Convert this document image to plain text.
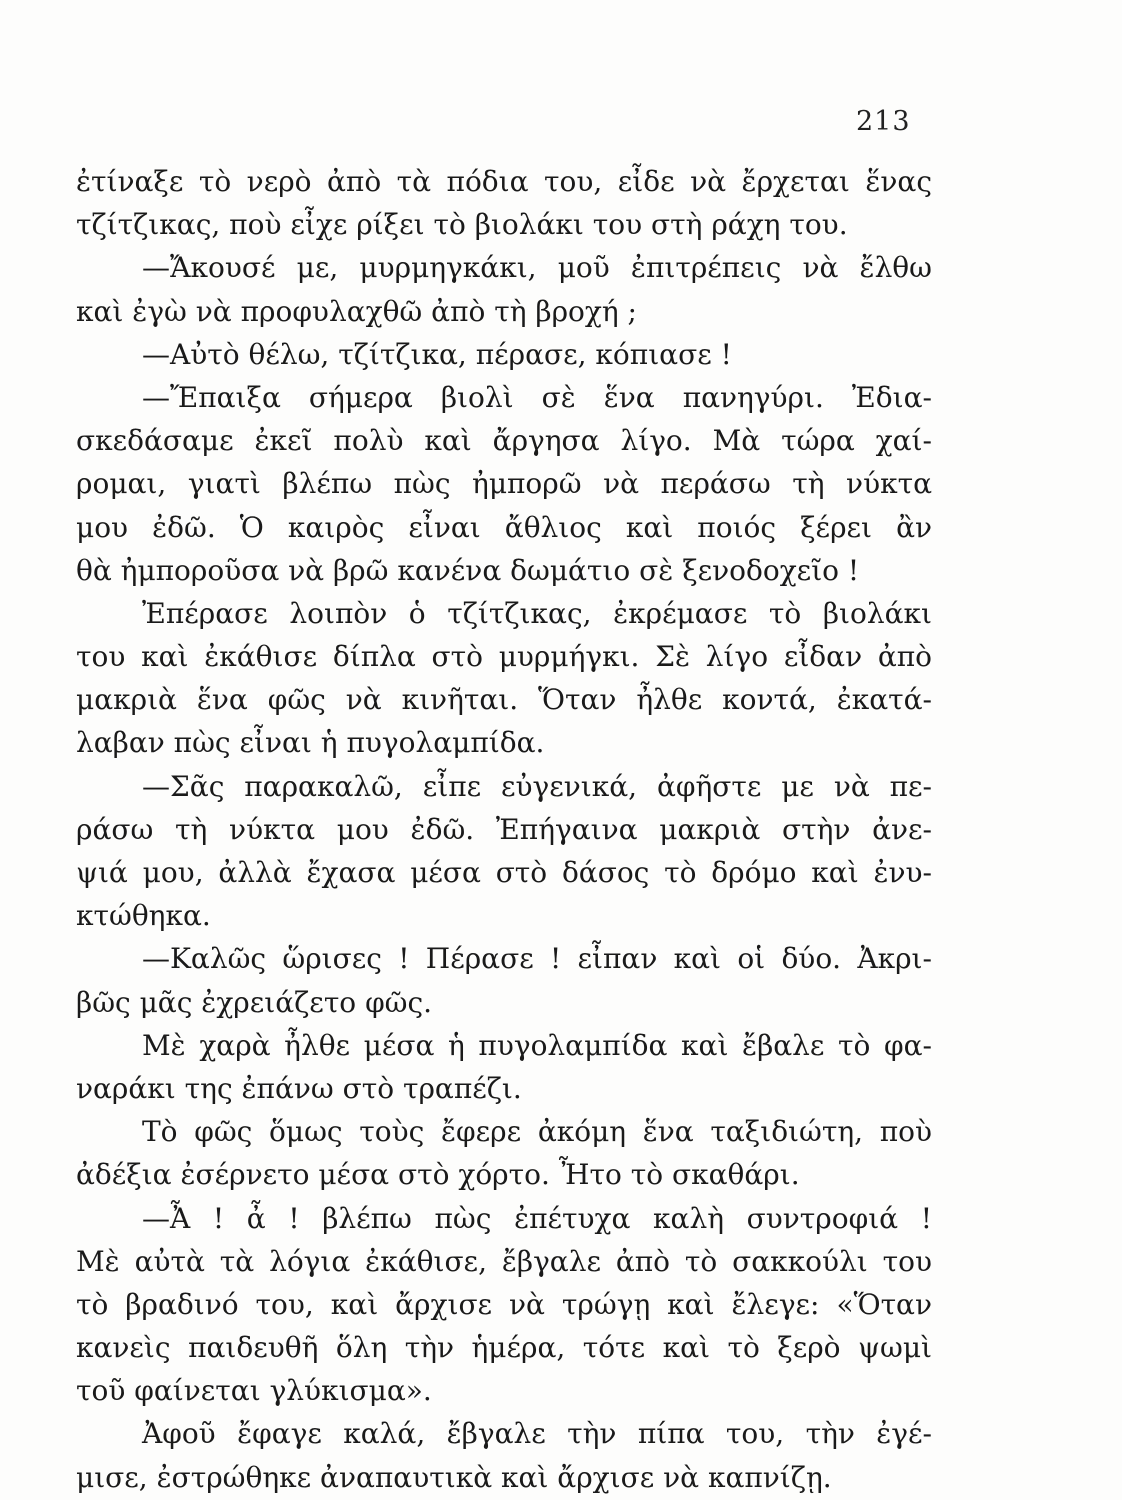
213
ἐτίναξε τὸ νερὸ ἀπὸ τὰ πόδια του, εἶδε νὰ ἔρχεται ἕνας
τζίτζικας, ποὺ εἶχε ρίξει τὸ βιολάκι του στὴ ράχη του.
—Ἄκουσέ με, μυρμηγκάκι, μοῦ ἐπιτρέπεις νὰ ἔλθω
καὶ ἐγὼ νὰ προφυλαχθῶ ἀπὸ τὴ βροχή ;
—Αὐτὸ θέλω, τζίτζικα, πέρασε, κόπιασε !
—Ἔπαιξα σήμερα βιολὶ σὲ ἕνα πανηγύρι. Ἐδια-
σκεδάσαμε ἐκεῖ πολὺ καὶ ἄργησα λίγο. Μὰ τώρα χαί-
ρομαι, γιατὶ βλέπω πὼς ἠμπορῶ νὰ περάσω τὴ νύκτα
μου ἐδῶ. Ὁ καιρὸς εἶναι ἄθλιος καὶ ποιός ξέρει ἂν
θὰ ἠμποροῦσα νὰ βρῶ κανένα δωμάτιο σὲ ξενοδοχεῖο !
Ἐπέρασε λοιπὸν ὁ τζίτζικας, ἐκρέμασε τὸ βιολάκι
του καὶ ἐκάθισε δίπλα στὸ μυρμήγκι. Σὲ λίγο εἶδαν ἀπὸ
μακριὰ ἕνα φῶς νὰ κινῆται. Ὅταν ἦλθε κοντά, ἐκατά-
λαβαν πὼς εἶναι ἡ πυγολαμπίδα.
—Σᾶς παρακαλῶ, εἶπε εὐγενικά, ἀφῆστε με νὰ πε-
ράσω τὴ νύκτα μου ἐδῶ. Ἐπήγαινα μακριὰ στὴν ἀνε-
ψιά μου, ἀλλὰ ἔχασα μέσα στὸ δάσος τὸ δρόμο καὶ ἐνυ-
κτώθηκα.
—Καλῶς ὥρισες ! Πέρασε ! εἶπαν καὶ οἱ δύο. Ἀκρι-
βῶς μᾶς ἐχρειάζετο φῶς.
Μὲ χαρὰ ἦλθε μέσα ἡ πυγολαμπίδα καὶ ἔβαλε τὸ φα-
ναράκι της ἐπάνω στὸ τραπέζι.
Τὸ φῶς ὅμως τοὺς ἔφερε ἀκόμη ἕνα ταξιδιώτη, ποὺ
ἀδέξια ἐσέρνετο μέσα στὸ χόρτο. Ἦτο τὸ σκαθάρι.
—Ἆ ! ἆ ! βλέπω πὼς ἐπέτυχα καλὴ συντροφιά !
Μὲ αὐτὰ τὰ λόγια ἐκάθισε, ἔβγαλε ἀπὸ τὸ σακκούλι του
τὸ βραδινό του, καὶ ἄρχισε νὰ τρώγῃ καὶ ἔλεγε: «Ὅταν
κανεὶς παιδευθῆ ὅλη τὴν ἡμέρα, τότε καὶ τὸ ξερὸ ψωμὶ
τοῦ φαίνεται γλύκισμα».
Ἀφοῦ ἔφαγε καλά, ἔβγαλε τὴν πίπα του, τὴν ἐγέ-
μισε, ἐστρώθηκε ἀναπαυτικὰ καὶ ἄρχισε νὰ καπνίζῃ.
